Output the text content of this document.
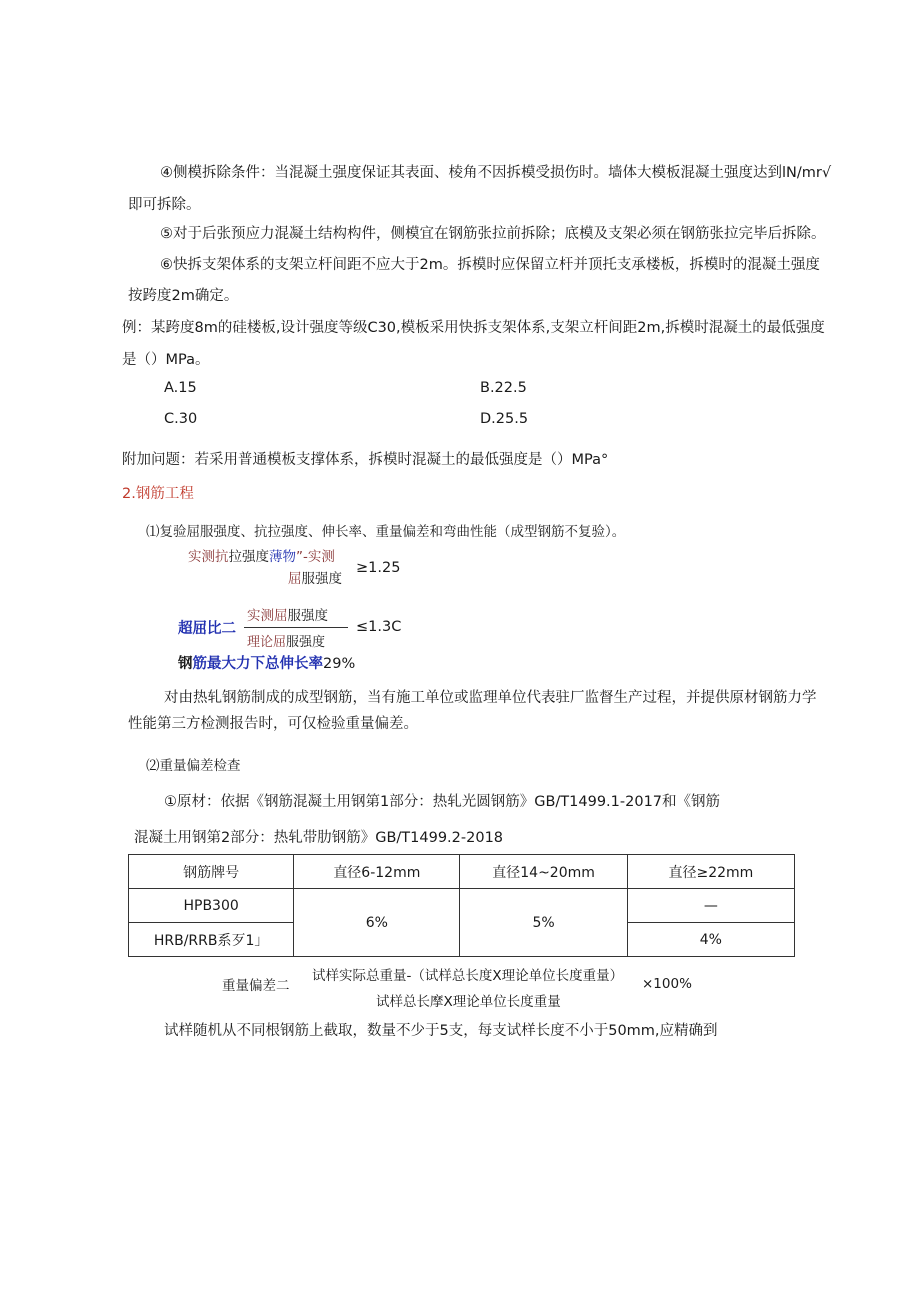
④侧模拆除条件：当混凝土强度保证其表面、棱角不因拆模受损伤时。墙体大模板混凝土强度达到lN∕mr√
即可拆除。
⑤对于后张预应力混凝土结构构件，侧模宜在钢筋张拉前拆除；底模及支架必须在钢筋张拉完毕后拆除。
⑥快拆支架体系的支架立杆间距不应大于2m。拆模时应保留立杆并顶托支承楼板，拆模时的混凝土强度
按跨度2m确定。
例：某跨度8m的硅楼板,设计强度等级C30,模板采用快拆支架体系,支架立杆间距2m,拆模时混凝土的最低强度
是（）MPa。
A.15	B.22.5
C.30	D.25.5
附加问题：若采用普通模板支撑体系，拆模时混凝土的最低强度是（）MPa°
2.钢筋工程
⑴复验屈服强度、抗拉强度、伸长率、重量偏差和弯曲性能（成型钢筋不复验）。
实测抗拉强度薄物”-实测
屈服强度
≥1.25
超屈比二
实测屈服强度
理论屈服强度
≤1.3C
钢筋最大力下总伸长率29%
对由热轧钢筋制成的成型钢筋，当有施工单位或监理单位代表驻厂监督生产过程，并提供原材钢筋力学
性能第三方检测报告时，可仅检验重量偏差。
⑵重量偏差检查
①原材：依据《钢筋混凝土用钢第1部分：热轧光圆钢筋》GB/T1499.1-2017和《钢筋
混凝土用钢第2部分：热轧带肋钢筋》GB/T1499.2-2018
钢筋牌号	直径6-12mm	直径14~20mm	直径≥22mm
HPB300	6%	5%	—
HRB/RRB系歹1」			4%
重量偏差二
试样实际总重量-（试样总长度X理论单位长度重量）
试样总长摩X理论单位长度重量
×100%
试样随机从不同根钢筋上截取，数量不少于5支，每支试样长度不小于50mm,应精确到
